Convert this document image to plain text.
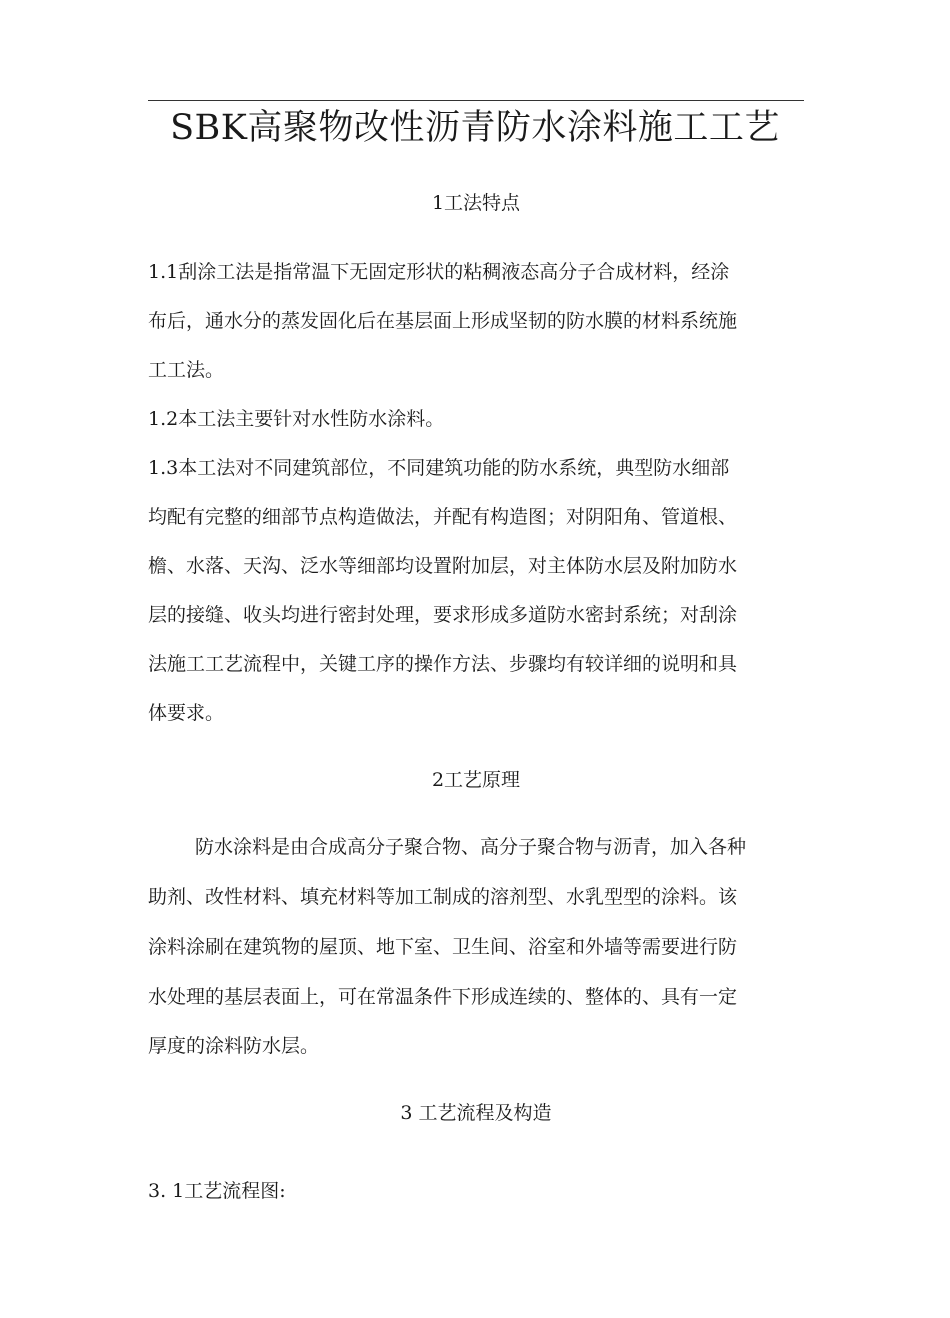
SBK高聚物改性沥青防水涂料施工工艺
1工法特点
1.1刮涂工法是指常温下无固定形状的粘稠液态高分子合成材料，经涂
布后，通水分的蒸发固化后在基层面上形成坚韧的防水膜的材料系统施
工工法。
1.2本工法主要针对水性防水涂料。
1.3本工法对不同建筑部位，不同建筑功能的防水系统，典型防水细部
均配有完整的细部节点构造做法，并配有构造图；对阴阳角、管道根、
檐、水落、天沟、泛水等细部均设置附加层，对主体防水层及附加防水
层的接缝、收头均进行密封处理，要求形成多道防水密封系统；对刮涂
法施工工艺流程中，关键工序的操作方法、步骤均有较详细的说明和具
体要求。
2工艺原理
防水涂料是由合成高分子聚合物、高分子聚合物与沥青，加入各种
助剂、改性材料、填充材料等加工制成的溶剂型、水乳型型的涂料。该
涂料涂刷在建筑物的屋顶、地下室、卫生间、浴室和外墙等需要进行防
水处理的基层表面上，可在常温条件下形成连续的、整体的、具有一定
厚度的涂料防水层。
3 工艺流程及构造
3. 1工艺流程图:
